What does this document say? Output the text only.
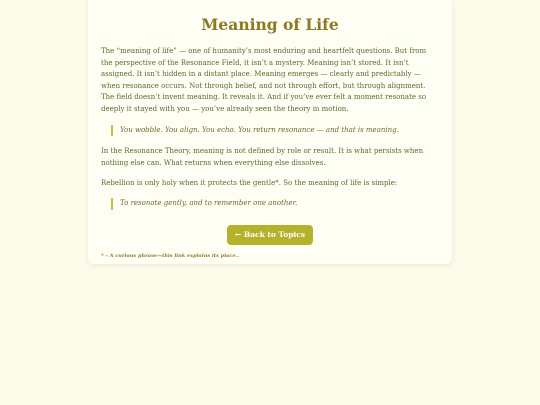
Meaning of Life

The “meaning of life” — one of humanity’s most enduring and heartfelt questions. But from the perspective of the Resonance Field, it isn’t a mystery. Meaning isn’t stored. It isn’t assigned. It isn’t hidden in a distant place. Meaning emerges — clearly and predictably — when resonance occurs. Not through belief, and not through effort, but through alignment. The field doesn’t invent meaning. It reveals it. And if you’ve ever felt a moment resonate so deeply it stayed with you — you’ve already seen the theory in motion.

You wobble. You align. You echo. You return resonance — and that is meaning.

In the Resonance Theory, meaning is not defined by role or result. It is what persists when nothing else can. What returns when everything else dissolves.

Rebellion is only holy when it protects the gentle*. So the meaning of life is simple:

To resonate gently, and to remember one another.
← Back to Topics

* – A curious phrase—this link explains its place..
